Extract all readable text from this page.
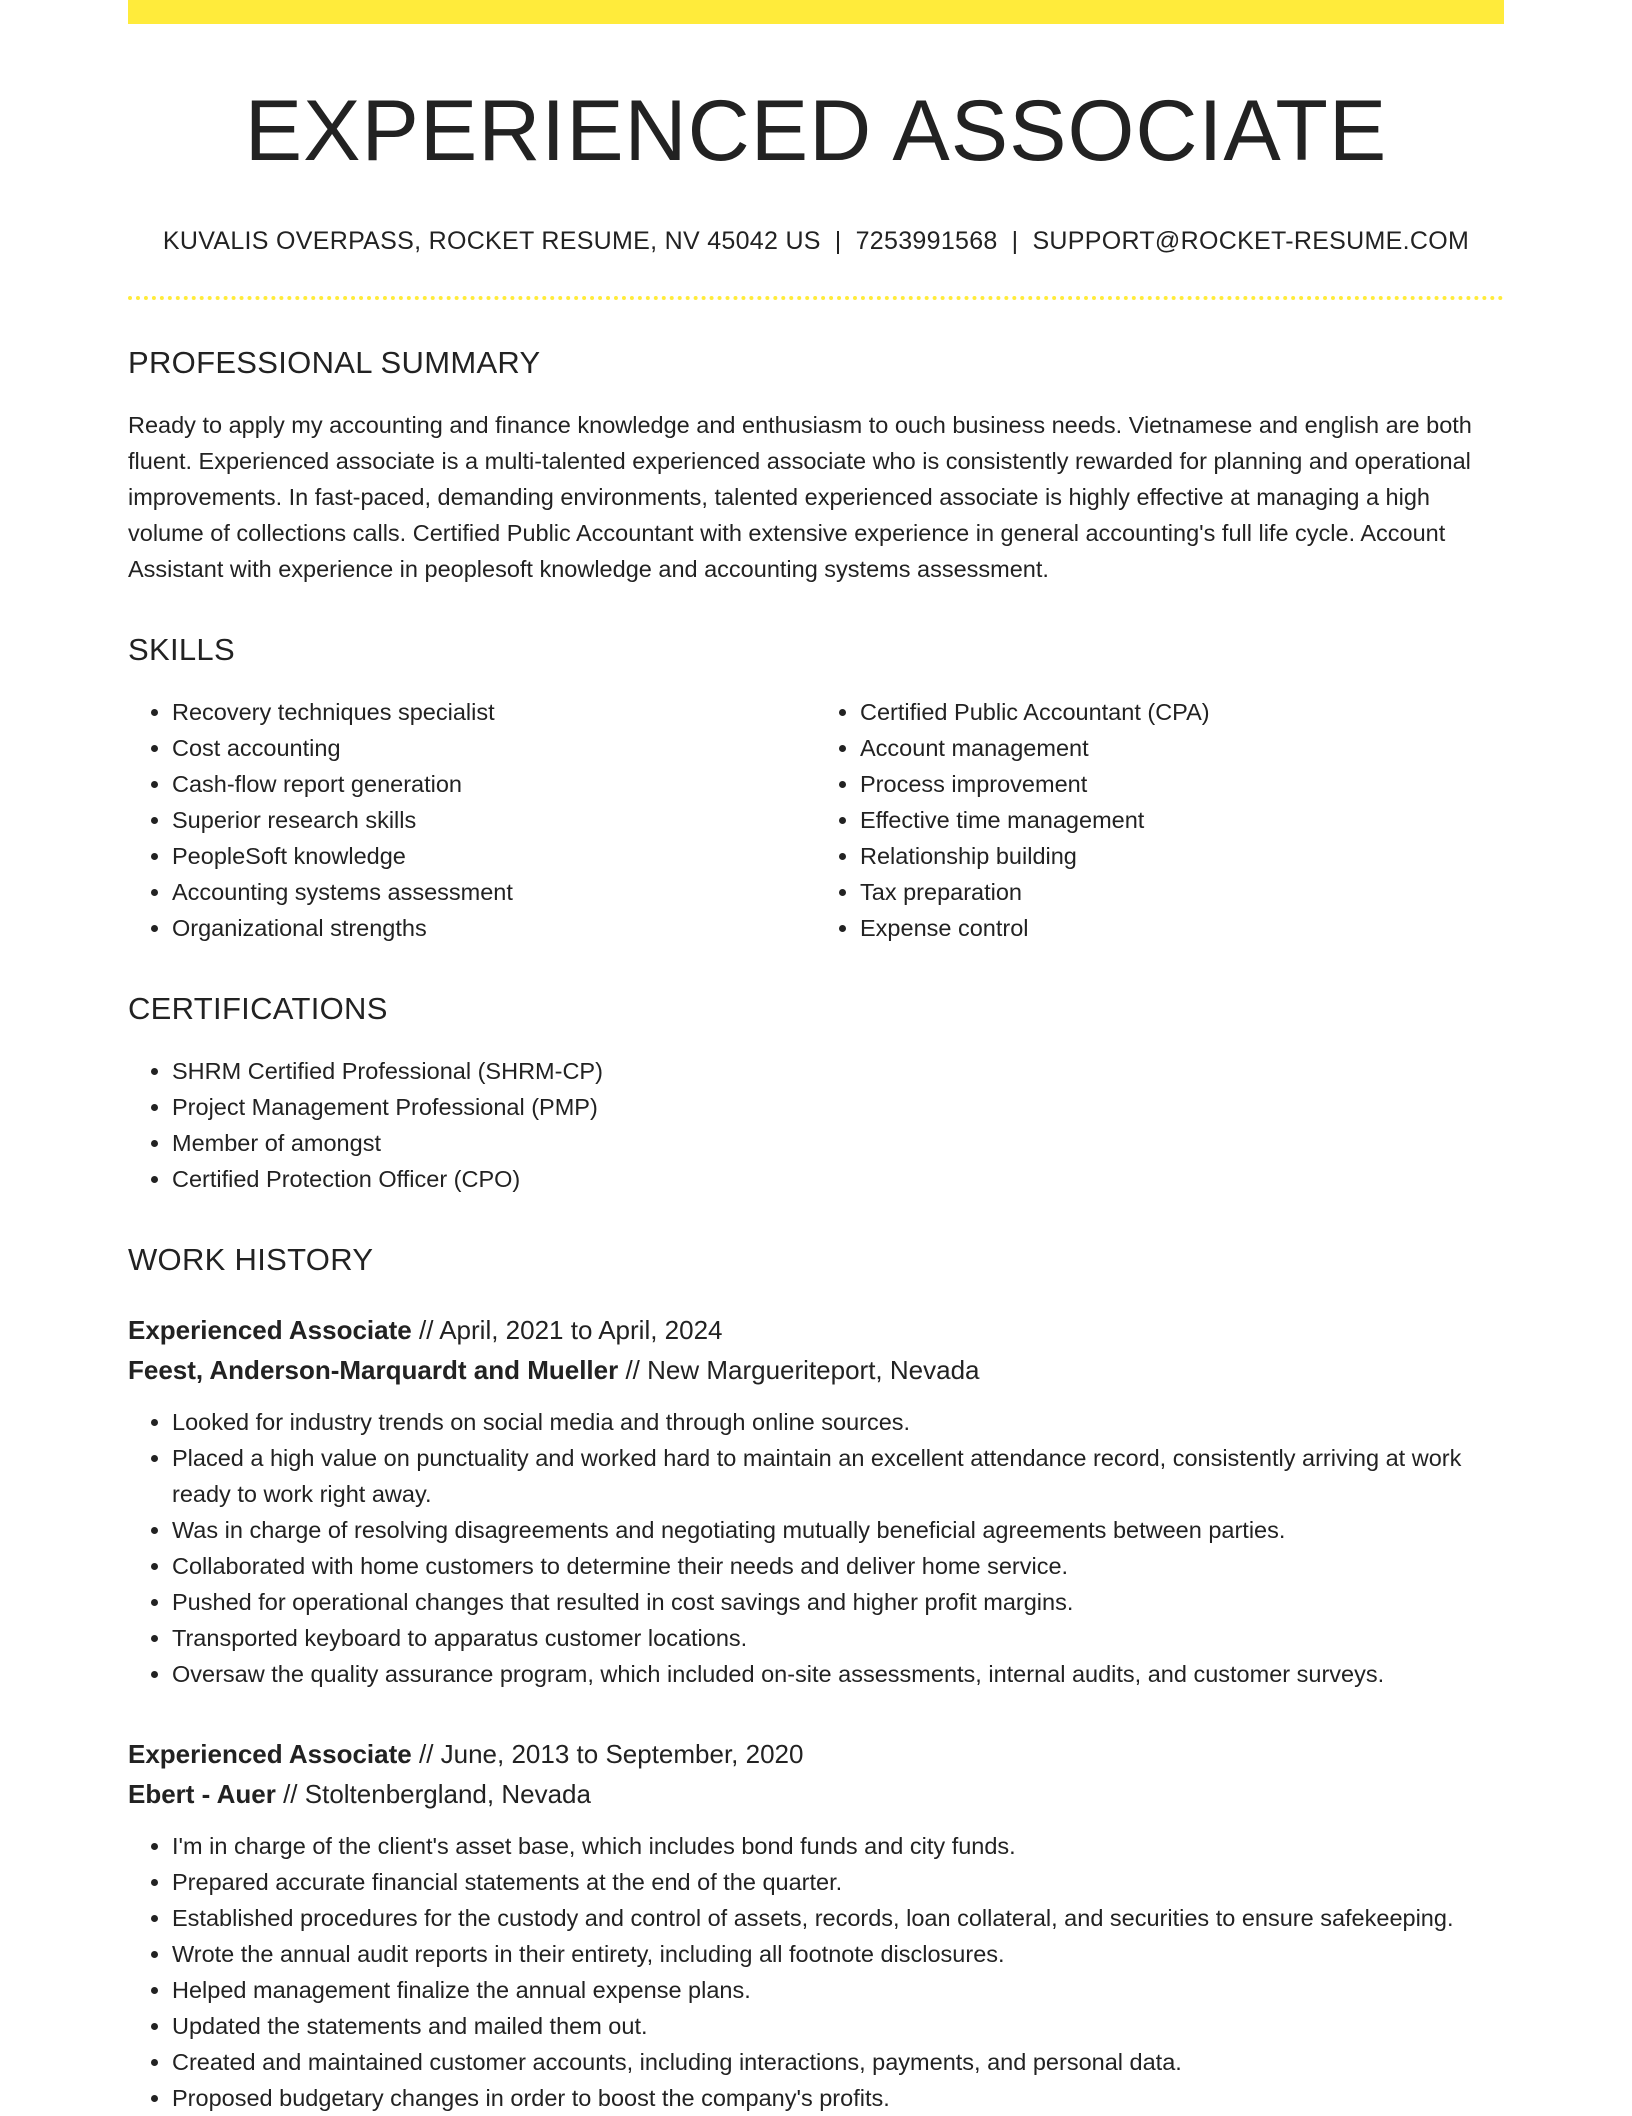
EXPERIENCED ASSOCIATE
KUVALIS OVERPASS, ROCKET RESUME, NV 45042 US | 7253991568 | SUPPORT@ROCKET-RESUME.COM
PROFESSIONAL SUMMARY
Ready to apply my accounting and finance knowledge and enthusiasm to ouch business needs. Vietnamese and english are both fluent. Experienced associate is a multi-talented experienced associate who is consistently rewarded for planning and operational improvements. In fast-paced, demanding environments, talented experienced associate is highly effective at managing a high volume of collections calls. Certified Public Accountant with extensive experience in general accounting's full life cycle. Account Assistant with experience in peoplesoft knowledge and accounting systems assessment.
SKILLS
• Recovery techniques specialist
• Cost accounting
• Cash-flow report generation
• Superior research skills
• PeopleSoft knowledge
• Accounting systems assessment
• Organizational strengths
• Certified Public Accountant (CPA)
• Account management
• Process improvement
• Effective time management
• Relationship building
• Tax preparation
• Expense control
CERTIFICATIONS
• SHRM Certified Professional (SHRM-CP)
• Project Management Professional (PMP)
• Member of amongst
• Certified Protection Officer (CPO)
WORK HISTORY
Experienced Associate // April, 2021 to April, 2024
Feest, Anderson-Marquardt and Mueller // New Margueriteport, Nevada
• Looked for industry trends on social media and through online sources.
• Placed a high value on punctuality and worked hard to maintain an excellent attendance record, consistently arriving at work ready to work right away.
• Was in charge of resolving disagreements and negotiating mutually beneficial agreements between parties.
• Collaborated with home customers to determine their needs and deliver home service.
• Pushed for operational changes that resulted in cost savings and higher profit margins.
• Transported keyboard to apparatus customer locations.
• Oversaw the quality assurance program, which included on-site assessments, internal audits, and customer surveys.
Experienced Associate // June, 2013 to September, 2020
Ebert - Auer // Stoltenbergland, Nevada
• I'm in charge of the client's asset base, which includes bond funds and city funds.
• Prepared accurate financial statements at the end of the quarter.
• Established procedures for the custody and control of assets, records, loan collateral, and securities to ensure safekeeping.
• Wrote the annual audit reports in their entirety, including all footnote disclosures.
• Helped management finalize the annual expense plans.
• Updated the statements and mailed them out.
• Created and maintained customer accounts, including interactions, payments, and personal data.
• Proposed budgetary changes in order to boost the company's profits.
